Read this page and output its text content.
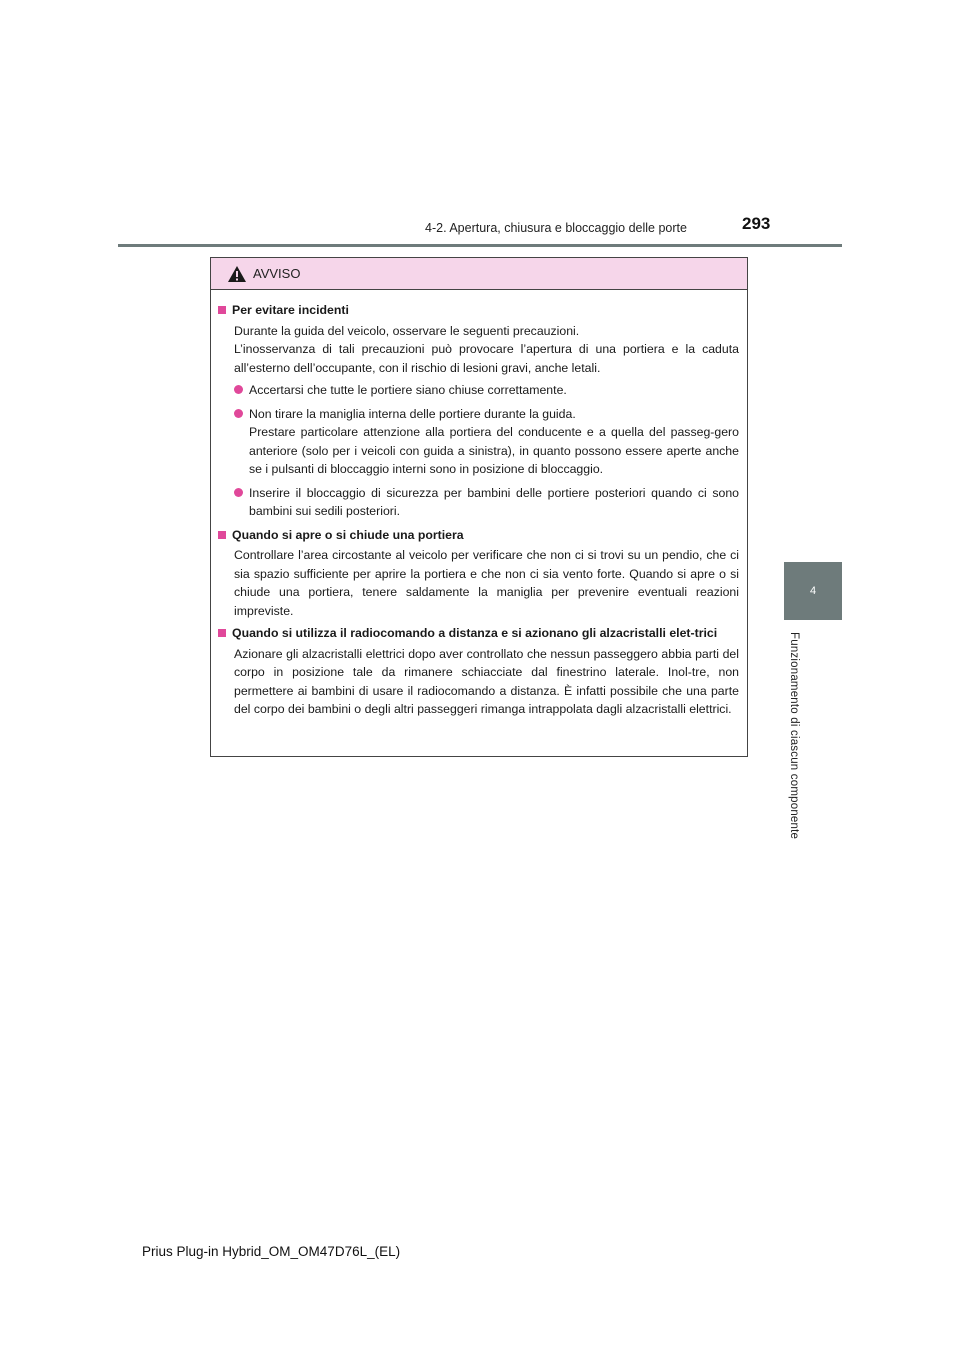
4-2. Apertura, chiusura e bloccaggio delle porte	293
4
Funzionamento di ciascun componente
AVVISO
Per evitare incidenti
Durante la guida del veicolo, osservare le seguenti precauzioni.
L’inosservanza di tali precauzioni può provocare l’apertura di una portiera e la caduta all’esterno dell’occupante, con il rischio di lesioni gravi, anche letali.
Accertarsi che tutte le portiere siano chiuse correttamente.
Non tirare la maniglia interna delle portiere durante la guida.
Prestare particolare attenzione alla portiera del conducente e a quella del passeg-gero anteriore (solo per i veicoli con guida a sinistra), in quanto possono essere aperte anche se i pulsanti di bloccaggio interni sono in posizione di bloccaggio.
Inserire il bloccaggio di sicurezza per bambini delle portiere posteriori quando ci sono bambini sui sedili posteriori.
Quando si apre o si chiude una portiera
Controllare l’area circostante al veicolo per verificare che non ci si trovi su un pendio, che ci sia spazio sufficiente per aprire la portiera e che non ci sia vento forte. Quando si apre o si chiude una portiera, tenere saldamente la maniglia per prevenire eventuali reazioni impreviste.
Quando si utilizza il radiocomando a distanza e si azionano gli alzacristalli elet-trici
Azionare gli alzacristalli elettrici dopo aver controllato che nessun passeggero abbia parti del corpo in posizione tale da rimanere schiacciate dal finestrino laterale. Inol-tre, non permettere ai bambini di usare il radiocomando a distanza. È infatti possibile che una parte del corpo dei bambini o degli altri passeggeri rimanga intrappolata dagli alzacristalli elettrici.
Prius Plug-in Hybrid_OM_OM47D76L_(EL)
